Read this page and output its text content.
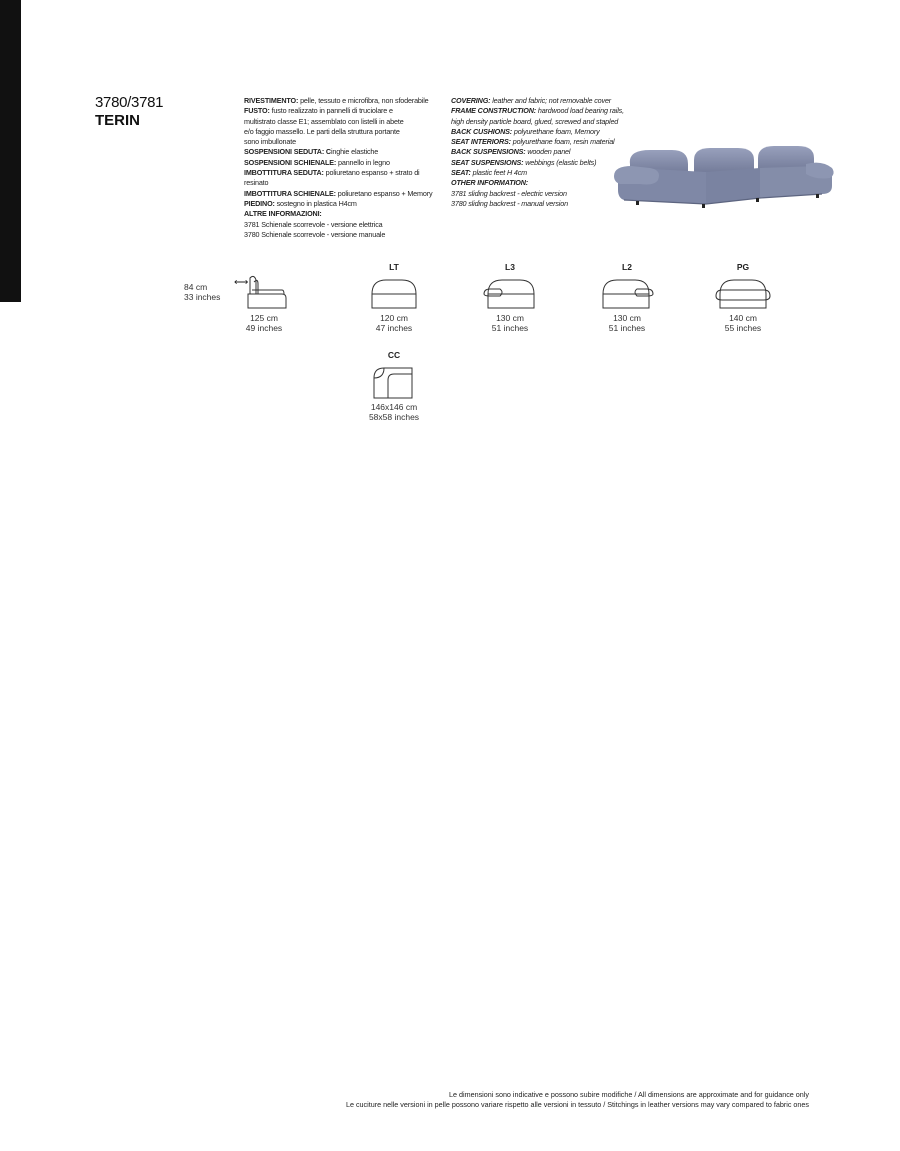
3780/3781
TERIN
RIVESTIMENTO: pelle, tessuto e microfibra, non sfoderabile
FUSTO: fusto realizzato in pannelli di truciolare e
multistrato classe E1; assemblato con listelli in abete
e/o faggio massello. Le parti della struttura portante
sono imbullonate
SOSPENSIONI SEDUTA: Cinghie elastiche
SOSPENSIONI SCHIENALE: pannello in legno
IMBOTTITURA SEDUTA: poliuretano espanso + strato di
resinato
IMBOTTITURA SCHIENALE: poliuretano espanso + Memory
PIEDINO: sostegno in plastica H4cm
ALTRE INFORMAZIONI:
3781 Schienale scorrevole - versione elettrica
3780 Schienale scorrevole - versione manuale
COVERING: leather and fabric; not removable cover
FRAME CONSTRUCTION: hardwood load bearing rails,
high density particle board, glued, screwed and stapled
BACK CUSHIONS: polyurethane foam, Memory
SEAT INTERIORS: polyurethane foam, resin material
BACK SUSPENSIONS: wooden panel
SEAT SUSPENSIONS: webbings (elastic belts)
SEAT: plastic feet H 4cm
OTHER INFORMATION:
3781 sliding backrest - electric version
3780 sliding backrest - manual version
84 cm
33 inches
⟷
125 cm
49 inches
LT
120 cm
47 inches
L3
130 cm
51 inches
L2
130 cm
51 inches
PG
140 cm
55 inches
CC
146x146 cm
58x58 inches
Le dimensioni sono indicative e possono subire modifiche / All dimensions are approximate and for guidance only
Le cuciture nelle versioni in pelle possono variare rispetto alle versioni in tessuto / Stitchings in leather versions may vary compared to fabric ones
